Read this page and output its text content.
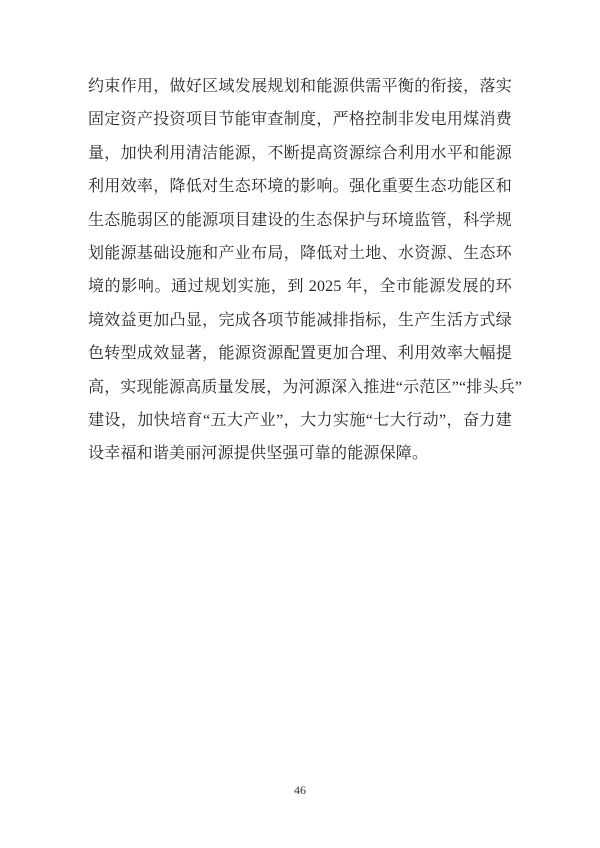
约束作用，做好区域发展规划和能源供需平衡的衔接，落实
固定资产投资项目节能审查制度，严格控制非发电用煤消费
量，加快利用清洁能源，不断提高资源综合利用水平和能源
利用效率，降低对生态环境的影响。强化重要生态功能区和
生态脆弱区的能源项目建设的生态保护与环境监管，科学规
划能源基础设施和产业布局，降低对土地、水资源、生态环
境的影响。通过规划实施，到 2025 年，全市能源发展的环
境效益更加凸显，完成各项节能减排指标，生产生活方式绿
色转型成效显著，能源资源配置更加合理、利用效率大幅提
高，实现能源高质量发展，为河源深入推进“示范区”“排头兵”
建设，加快培育“五大产业”，大力实施“七大行动”，奋力建
设幸福和谐美丽河源提供坚强可靠的能源保障。
46
